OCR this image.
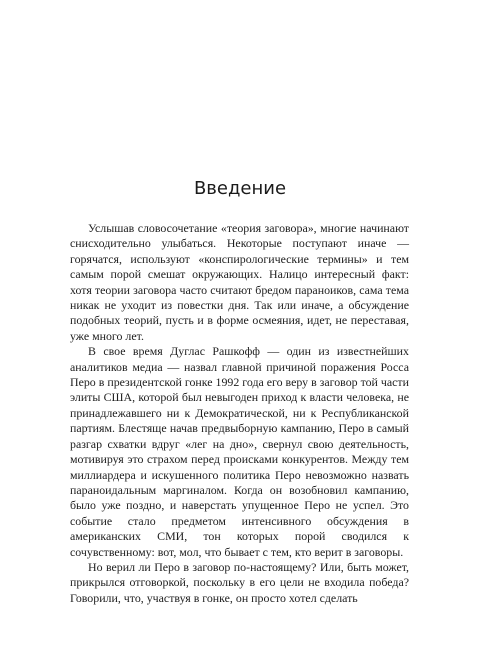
Введение

Услышав словосочетание «теория заговора», многие начинают снисходительно улыбаться. Некоторые поступают иначе — горячатся, используют «конспирологические термины» и тем самым порой смешат окружающих. Налицо интересный факт: хотя теории заговора часто считают бредом параноиков, сама тема никак не уходит из повестки дня. Так или иначе, а обсуждение подобных теорий, пусть и в форме осмеяния, идет, не переставая, уже много лет.

В свое время Дуглас Рашкофф — один из известнейших аналитиков медиа — назвал главной причиной поражения Росса Перо в президентской гонке 1992 года его веру в заговор той части элиты США, которой был невыгоден приход к власти человека, не принадлежавшего ни к Демократической, ни к Республиканской партиям. Блестяще начав предвыборную кампанию, Перо в самый разгар схватки вдруг «лег на дно», свернул свою деятельность, мотивируя это страхом перед происками конкурентов. Между тем миллиардера и искушенного политика Перо невозможно назвать параноидальным маргиналом. Когда он возобновил кампанию, было уже поздно, и наверстать упущенное Перо не успел. Это событие стало предметом интенсивного обсуждения в американских СМИ, тон которых порой сводился к сочувственному: вот, мол, что бывает с тем, кто верит в заговоры.

Но верил ли Перо в заговор по-настоящему? Или, быть может, прикрылся отговоркой, поскольку в его цели не входила победа? Говорили, что, участвуя в гонке, он просто хотел сделать
